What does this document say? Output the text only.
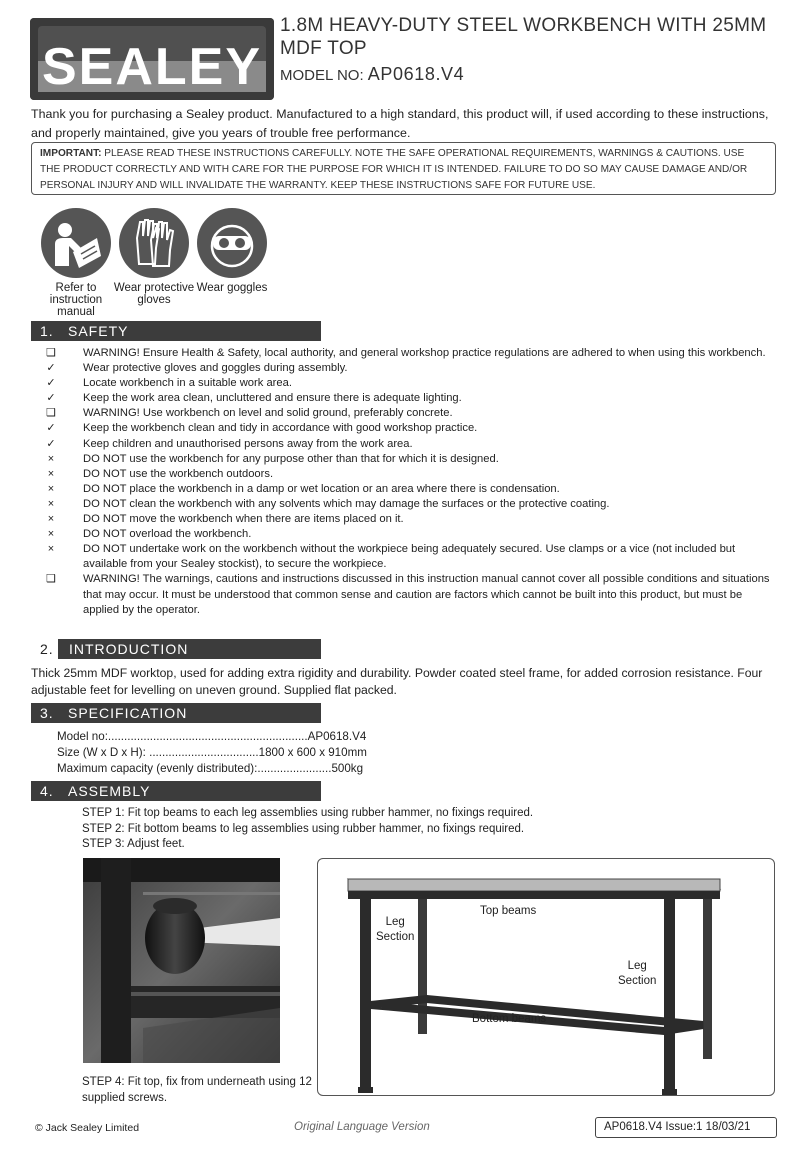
SEALEY
1.8M HEAVY-DUTY STEEL WORKBENCH WITH 25MM MDF TOP
MODEL NO: AP0618.V4
Thank you for purchasing a Sealey product. Manufactured to a high standard, this product will, if used according to these instructions, and properly maintained, give you years of trouble free performance.
IMPORTANT: PLEASE READ THESE INSTRUCTIONS CAREFULLY. NOTE THE SAFE OPERATIONAL REQUIREMENTS, WARNINGS & CAUTIONS. USE THE PRODUCT CORRECTLY AND WITH CARE FOR THE PURPOSE FOR WHICH IT IS INTENDED. FAILURE TO DO SO MAY CAUSE DAMAGE AND/OR PERSONAL INJURY AND WILL INVALIDATE THE WARRANTY. KEEP THESE INSTRUCTIONS SAFE FOR FUTURE USE.
Refer to instruction manual
Wear protective gloves
Wear goggles
1. SAFETY
❑ WARNING! Ensure Health & Safety, local authority, and general workshop practice regulations are adhered to when using this workbench.
✓ Wear protective gloves and goggles during assembly.
✓ Locate workbench in a suitable work area.
✓ Keep the work area clean, uncluttered and ensure there is adequate lighting.
❑ WARNING! Use workbench on level and solid ground, preferably concrete.
✓ Keep the workbench clean and tidy in accordance with good workshop practice.
✓ Keep children and unauthorised persons away from the work area.
×	DO NOT use the workbench for any purpose other than that for which it is designed.
×	DO NOT use the workbench outdoors.
×	DO NOT place the workbench in a damp or wet location or an area where there is condensation.
×	DO NOT clean the workbench with any solvents which may damage the surfaces or the protective coating.
×	DO NOT move the workbench when there are items placed on it.
×	DO NOT overload the workbench.
×	DO NOT undertake work on the workbench without the workpiece being adequately secured. Use clamps or a vice (not included but available from your Sealey stockist), to secure the workpiece.
❑ WARNING! The warnings, cautions and instructions discussed in this instruction manual cannot cover all possible conditions and situations that may occur. It must be understood that common sense and caution are factors which cannot be built into this product, but must be applied by the operator.
2.	INTRODUCTION
Thick 25mm MDF worktop, used for adding extra rigidity and durability. Powder coated steel frame, for added corrosion resistance. Four adjustable feet for levelling on uneven ground. Supplied flat packed.
3. SPECIFICATION
Model no:..............................................................AP0618.V4
Size (W x D x H): ..................................1800 x 600 x 910mm
Maximum capacity (evenly distributed):.......................500kg
4. ASSEMBLY
STEP 1: Fit top beams to each leg assemblies using rubber hammer, no fixings required.
STEP 2: Fit bottom beams to leg assemblies using rubber hammer, no fixings required.
STEP 3: Adjust feet.
STEP 4: Fit top, fix from underneath using 12 supplied screws.
Leg
Section
Top beams
Leg
Section
Bottom beams
© Jack Sealey Limited	Original Language Version	AP0618.V4 Issue:1 18/03/21
